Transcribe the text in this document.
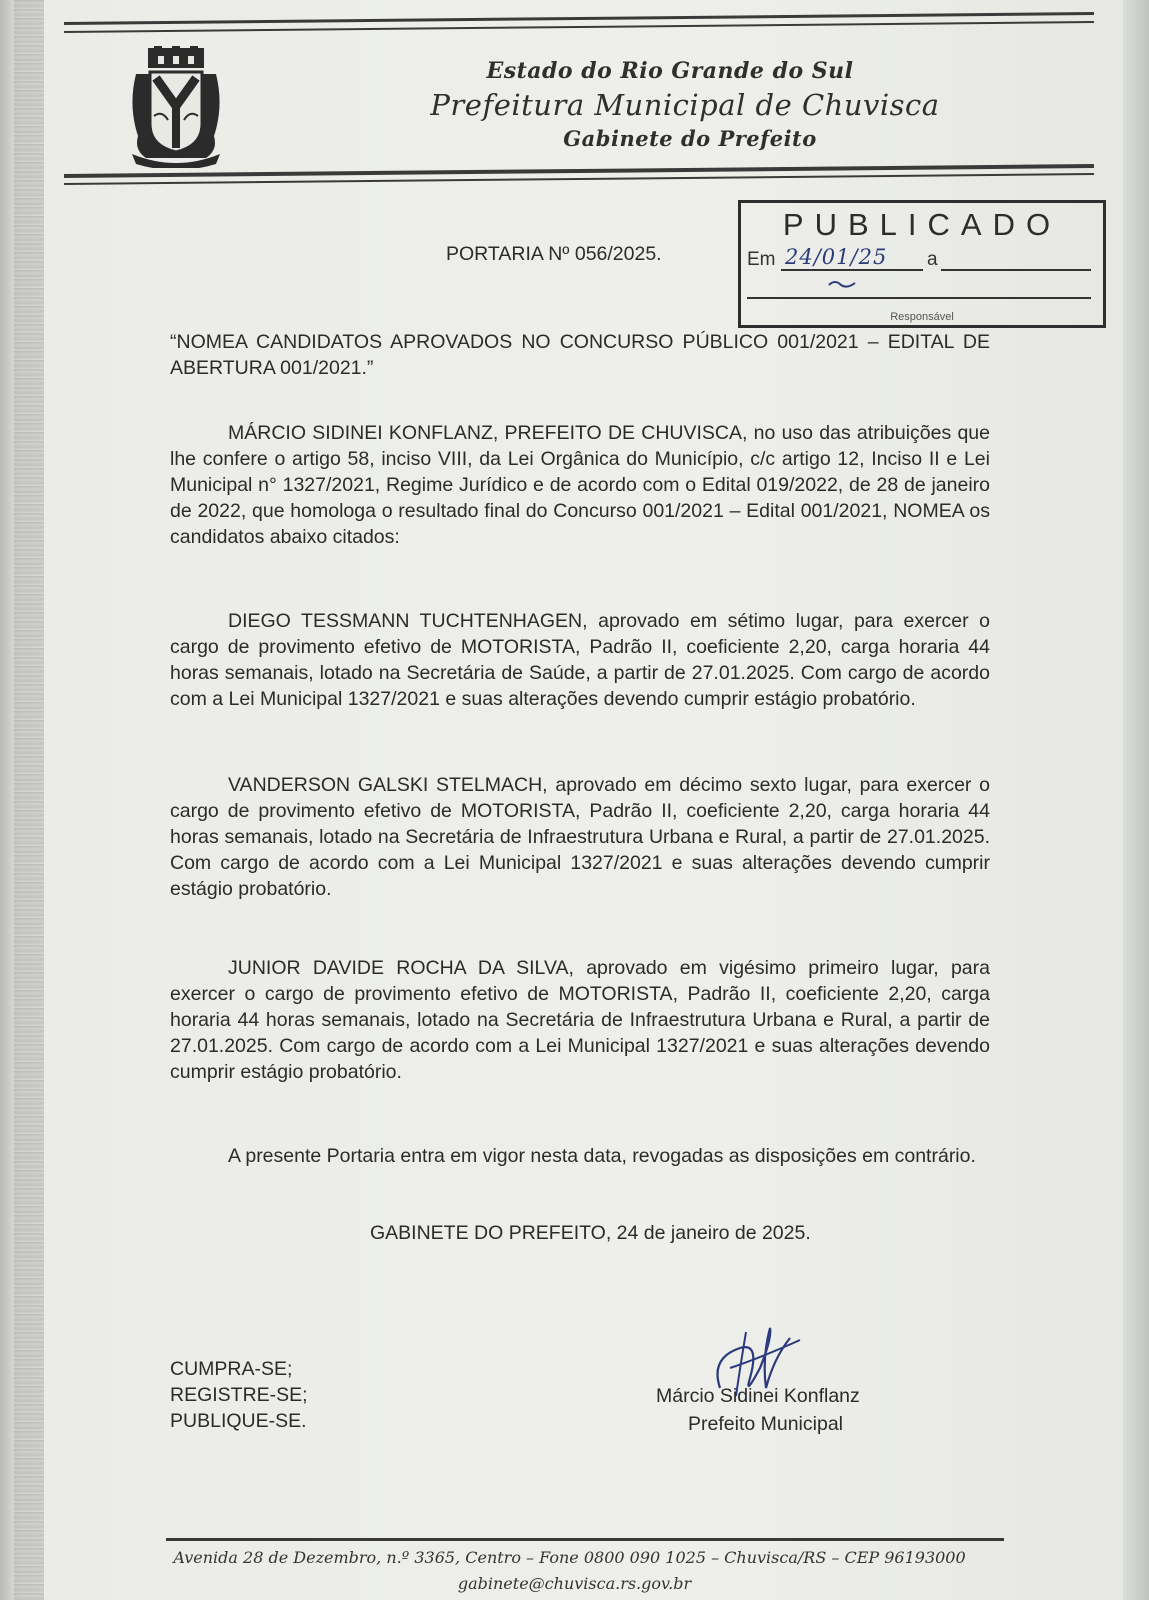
Estado do Rio Grande do Sul
Prefeitura Municipal de Chuvisca
Gabinete do Prefeito
PUBLICADO
Em 24/01/25 a
Responsável
PORTARIA Nº 056/2025.
“NOMEA CANDIDATOS APROVADOS NO CONCURSO PÚBLICO 001/2021 – EDITAL DE ABERTURA 001/2021.”
MÁRCIO SIDINEI KONFLANZ, PREFEITO DE CHUVISCA, no uso das atribuições que lhe confere o artigo 58, inciso VIII, da Lei Orgânica do Município, c/c artigo 12, Inciso II e Lei Municipal n° 1327/2021, Regime Jurídico e de acordo com o Edital 019/2022, de 28 de janeiro de 2022, que homologa o resultado final do Concurso 001/2021 – Edital 001/2021, NOMEA os candidatos abaixo citados:
DIEGO TESSMANN TUCHTENHAGEN, aprovado em sétimo lugar, para exercer o cargo de provimento efetivo de MOTORISTA, Padrão II, coeficiente 2,20, carga horaria 44 horas semanais, lotado na Secretária de Saúde, a partir de 27.01.2025. Com cargo de acordo com a Lei Municipal 1327/2021 e suas alterações devendo cumprir estágio probatório.
VANDERSON GALSKI STELMACH, aprovado em décimo sexto lugar, para exercer o cargo de provimento efetivo de MOTORISTA, Padrão II, coeficiente 2,20, carga horaria 44 horas semanais, lotado na Secretária de Infraestrutura Urbana e Rural, a partir de 27.01.2025. Com cargo de acordo com a Lei Municipal 1327/2021 e suas alterações devendo cumprir estágio probatório.
JUNIOR DAVIDE ROCHA DA SILVA, aprovado em vigésimo primeiro lugar, para exercer o cargo de provimento efetivo de MOTORISTA, Padrão II, coeficiente 2,20, carga horaria 44 horas semanais, lotado na Secretária de Infraestrutura Urbana e Rural, a partir de 27.01.2025. Com cargo de acordo com a Lei Municipal 1327/2021 e suas alterações devendo cumprir estágio probatório.
A presente Portaria entra em vigor nesta data, revogadas as disposições em contrário.
GABINETE DO PREFEITO, 24 de janeiro de 2025.
CUMPRA-SE;
REGISTRE-SE;
PUBLIQUE-SE.
Márcio Sidinei Konflanz
Prefeito Municipal
Avenida 28 de Dezembro, n.º 3365, Centro – Fone 0800 090 1025 – Chuvisca/RS – CEP 96193000
gabinete@chuvisca.rs.gov.br
